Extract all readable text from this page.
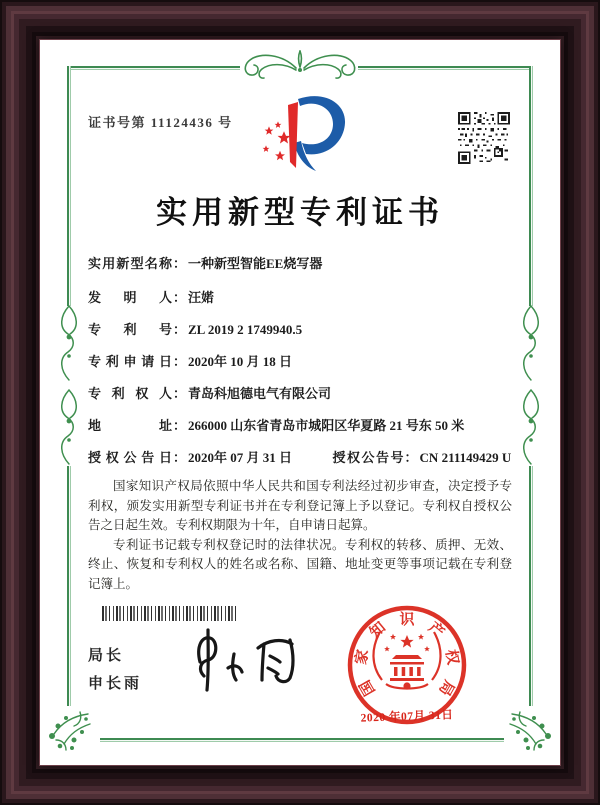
证书号第 11124436 号
实用新型专利证书
实用新型名称： 一种新型智能EE烧写器
发明人： 汪婼
专利号： ZL 2019 2 1749940.5
专利申请日： 2020年 10 月 18 日
专利权人： 青岛科旭德电气有限公司
地址： 266000 山东省青岛市城阳区华夏路 21 号东 50 米
授权公告日： 2020年 07 月 31 日	授权公告号： CN 211149429 U

国家知识产权局依照中华人民共和国专利法经过初步审查，决定授予专利权，颁发实用新型专利证书并在专利登记簿上予以登记。专利权自授权公告之日起生效。专利权期限为十年，自申请日起算。

专利证书记载专利权登记时的法律状况。专利权的转移、质押、无效、终止、恢复和专利权人的姓名或名称、国籍、地址变更等事项记载在专利登记簿上。

局长
申长雨	国
家
知 识 产
权
局
2020 年07月 31日
